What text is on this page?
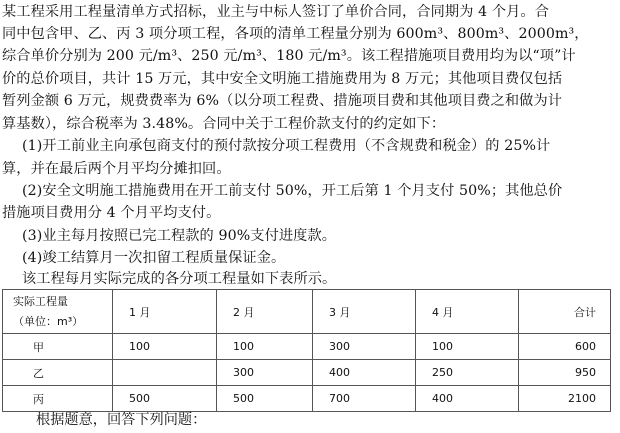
某工程采用工程量清单方式招标，业主与中标人签订了单价合同，合同期为 4 个月。合
同中包含甲、乙、丙 3 项分项工程，各项的清单工程量分别为 600m³、800m³、2000m³，
综合单价分别为 200 元/m³、250 元/m³、180 元/m³。该工程措施项目费用均为以“项”计
价的总价项目，共计 15 万元，其中安全文明施工措施费用为 8 万元；其他项目费仅包括
暂列金额 6 万元，规费费率为 6%（以分项工程费、措施项目费和其他项目费之和做为计
算基数），综合税率为 3.48%。合同中关于工程价款支付的约定如下：
(1)开工前业主向承包商支付的预付款按分项工程费用（不含规费和税金）的 25%计
算，并在最后两个月平均分摊扣回。
(2)安全文明施工措施费用在开工前支付 50%，开工后第 1 个月支付 50%；其他总价
措施项目费用分 4 个月平均支付。
(3)业主每月按照已完工程款的 90%支付进度款。
(4)竣工结算月一次扣留工程质量保证金。
该工程每月实际完成的各分项工程量如下表所示。
实际工程量
（单位：m³）	1 月	2 月	3 月	4 月	合计
甲	100	100	300	100	600
乙		300	400	250	950
丙	500	500	700	400	2100
根据题意，回答下列问题：
